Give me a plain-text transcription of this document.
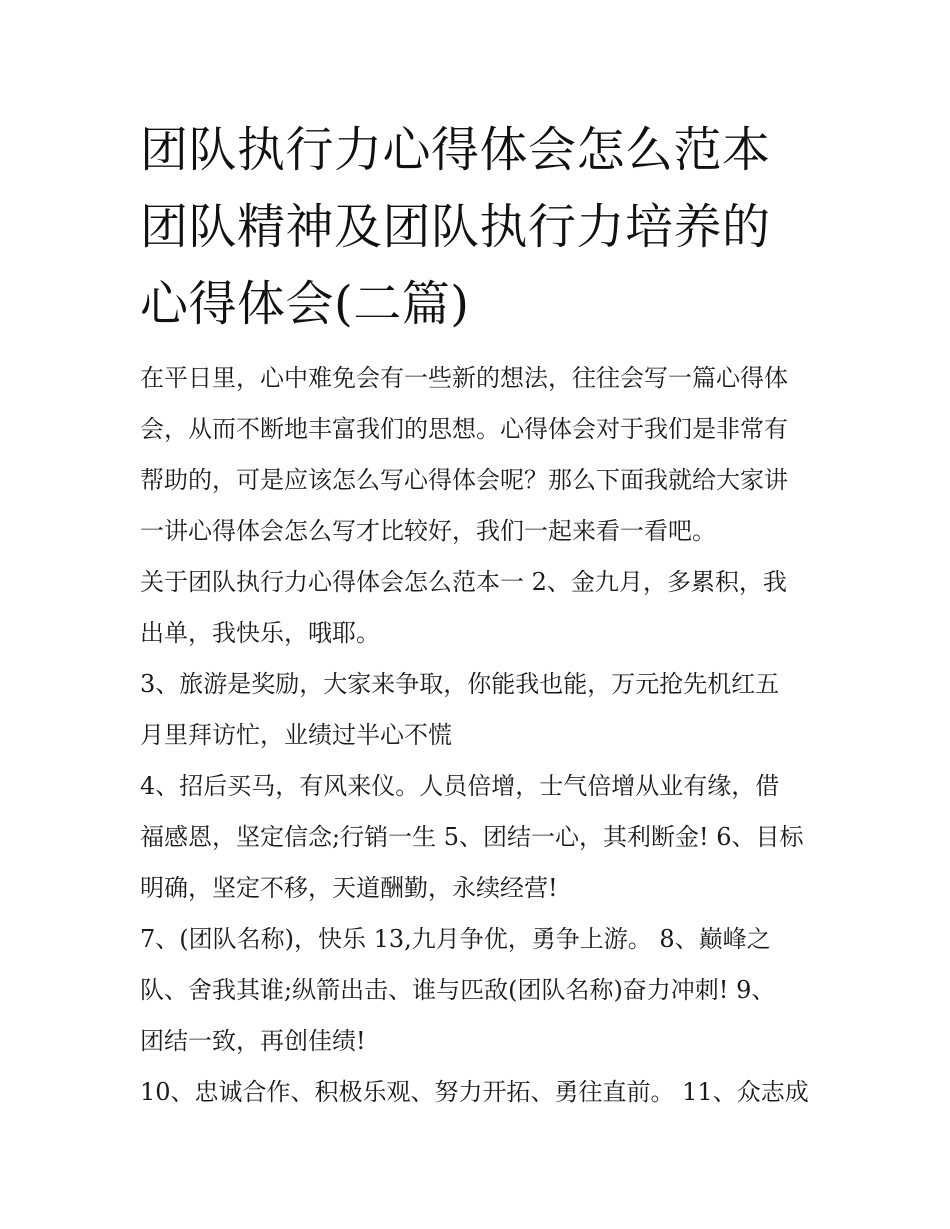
团队执行力心得体会怎么范本
团队精神及团队执行力培养的
心得体会(二篇)
在平日里，心中难免会有一些新的想法，往往会写一篇心得体
会，从而不断地丰富我们的思想。心得体会对于我们是非常有
帮助的，可是应该怎么写心得体会呢？那么下面我就给大家讲
一讲心得体会怎么写才比较好，我们一起来看一看吧。
关于团队执行力心得体会怎么范本一 2、金九月，多累积，我
出单，我快乐，哦耶。
3、旅游是奖励，大家来争取，你能我也能，万元抢先机红五
月里拜访忙，业绩过半心不慌
4、招后买马，有风来仪。人员倍增，士气倍增从业有缘，借
福感恩，坚定信念;行销一生 5、团结一心，其利断金! 6、目标
明确，坚定不移，天道酬勤，永续经营!
7、(团队名称)，快乐 13,九月争优，勇争上游。 8、巅峰之
队、舍我其谁;纵箭出击、谁与匹敌(团队名称)奋力冲刺! 9、
团结一致，再创佳绩!
10、忠诚合作、积极乐观、努力开拓、勇往直前。 11、众志成
